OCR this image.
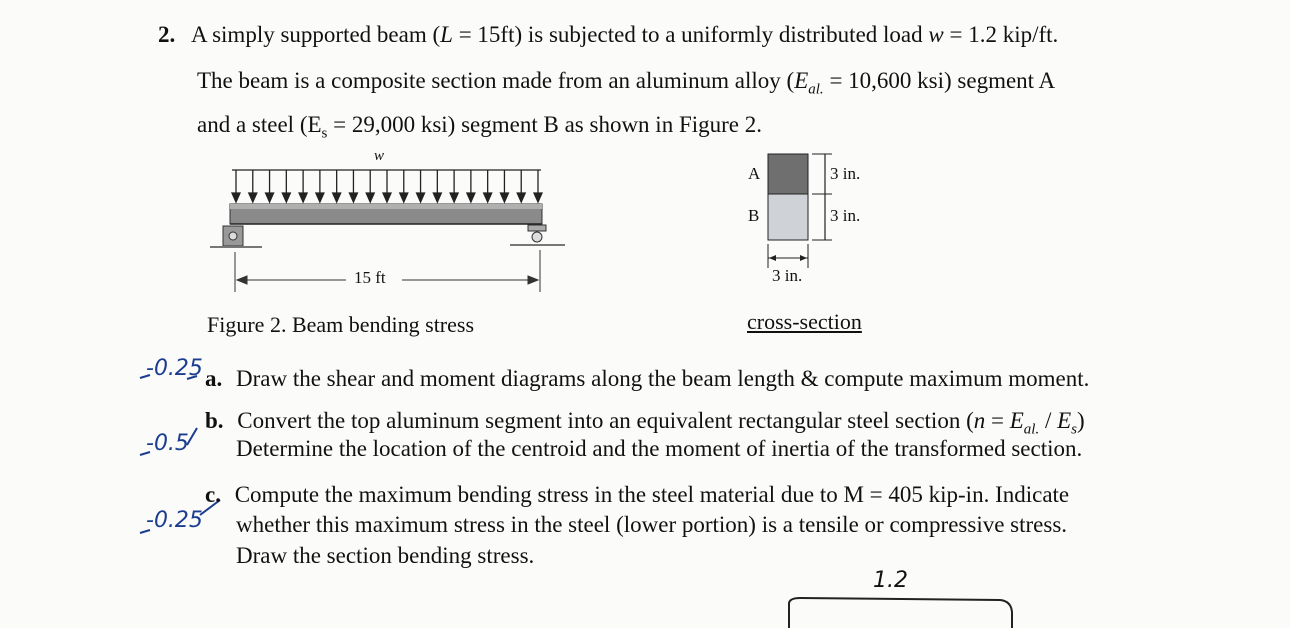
2. A simply supported beam (L = 15ft) is subjected to a uniformly distributed load w = 1.2 kip/ft.
The beam is a composite section made from an aluminum alloy ($E_{al.} = 10,600$ ksi) segment A
and a steel ($E_s = 29,000$ ksi) segment B as shown in Figure 2.
w
15 ft
A
B
3 in.
3 in.
3 in.
Figure 2. Beam bending stress	cross-section
a. Draw the shear and moment diagrams along the beam length & compute maximum moment.
b. Convert the top aluminum segment into an equivalent rectangular steel section $(n = E_{al.} / E_s)$
Determine the location of the centroid and the moment of inertia of the transformed section.
c. Compute the maximum bending stress in the steel material due to M = 405 kip-in. Indicate
whether this maximum stress in the steel (lower portion) is a tensile or compressive stress.
Draw the section bending stress.
-0.25
-0.5
-0.25
1.2
